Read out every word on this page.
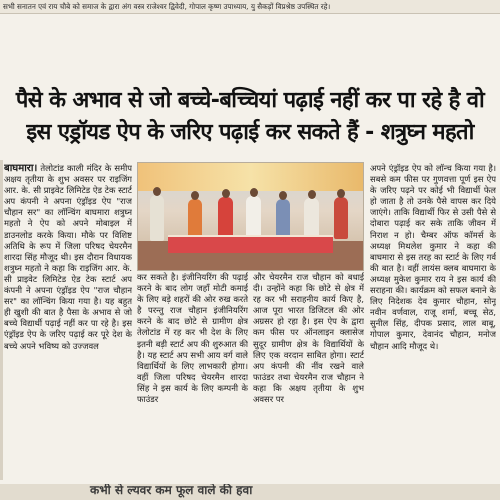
सभी सनातन एवं राय चौबे को समाज के द्वारा अंग वस्त्र राजेश्वर द्विवेदी, गोपाल कृष्ण उपाध्याय, यु सैकड़ों विप्रश्रेष्ठ उपस्थित रहे।
पैसे के अभाव से जो बच्चे-बच्चियां पढ़ाई नहीं कर पा रहे है वो
इस एड्रॉयड ऐप के जरिए पढ़ाई कर सकते हैं - शत्रुघ्न महतो

बाघमारा। तेलोटांड काली मंदिर के समीप अक्षय तृतीया के शुभ अवसर पर राइजिंग आर. के. सी प्राइवेट लिमिटेड ऐड टेक स्टार्ट अप कंपनी ने अपना एंड्रॉइड ऐप "राज चौहान सर" का लॉन्चिंग बाघमारा शत्रुघ्न महतो ने ऐप को अपने मोबाइल में डाउनलोड करके किया। मौके पर विशिष्ट अतिथि के रूप में जिला परिषद चेयरमैन शारदा सिंह मौजूद थी। इस दौरान विधायक शत्रुघ्न महतो ने कहा कि राइजिंग आर. के. सी प्राइवेट लिमिटेड ऐड टेक स्टार्ट अप कंपनी ने अपना एंड्रॉइड ऐप "राज चौहान सर" का लॉन्चिंग किया गया है। यह बहुत ही खुशी की बात है पैसा के अभाव से जो बच्चे विद्यार्थी पढ़ाई नहीं कर पा रहे है। इस एंड्रॉइड ऐप के जरिए पढ़ाई कर पूरे देश के बच्चे अपने भविष्य को उज्जवल

कर सकते है। इंजीनियरिंग की पढ़ाई करने के बाद लोग जहाँ मोटी कमाई के लिए बड़े शहरों की ओर रुख करते है परन्तु राज चौहान इंजीनियरिंग करने के बाद छोटे से ग्रामीण क्षेत्र तेलोटांड में रह कर भी देश के लिए इतनी बड़ी स्टार्ट अप की शुरुआत की है। यह स्टार्ट अप सभी आय वर्ग वाले विद्यार्थियों के लिए लाभकारी होगा। वहीं जिला परिषद चेयरमैन शारदा सिंह ने इस कार्य के लिए कम्पनी के फाउंडर

और चेयरमैन राज चौहान को बधाई दी। उन्होंने कहा कि छोटे से क्षेत्र में रह कर भी सराहनीय कार्य किए है, आज पूरा भारत डिजिटल की ओर अग्रसर हो रहा है। इस ऐप के द्वारा कम फीस पर ऑनलाइन क्लासेज सुदूर ग्रामीण क्षेत्र के विद्यार्थियों के लिए एक वरदान साबित होगा। स्टार्ट अप कंपनी की नींव रखने वाले फाउंडर तथा चेयरमैन राज चौहान ने कहा कि अक्षय तृतीया के शुभ अवसर पर

अपने एंड्रॉइड ऐप को लॉन्च किया गया है। सबसे कम फीस पर गुणवत्ता पूर्ण इस ऐप के जरिए पढ़ने पर कोई भी विद्यार्थी फेल हो जाता है तो उनके पैसे वापस कर दिये जाएंगे। ताकि विद्यार्थी फिर से उसी पैसे से दोबारा पढ़ाई कर सके ताकि जीवन में निराश न हो। चैम्बर ऑफ कॉमर्स के अध्यक्ष मिथलेश कुमार ने कहा की बाघमारा से इस तरह का स्टार्ट के लिए गर्व की बात है। वहीं लायंस क्लब बाघमारा के अध्यक्ष मुकेश कुमार राय ने इस कार्य की सराहना की। कार्यक्रम को सफल बनाने के लिए निदेशक देव कुमार चौहान, सोनू नवीन वर्णवाल, राजू शर्मा, बच्चू सेठ, सुनील सिंह, दीपक प्रसाद, लाल बाबू, गोपाल कुमार, देवानंद चौहान, मनोज चौहान आदि मौजूद थे।

कभी से ल्यवर कम फूल वाले की हवा
